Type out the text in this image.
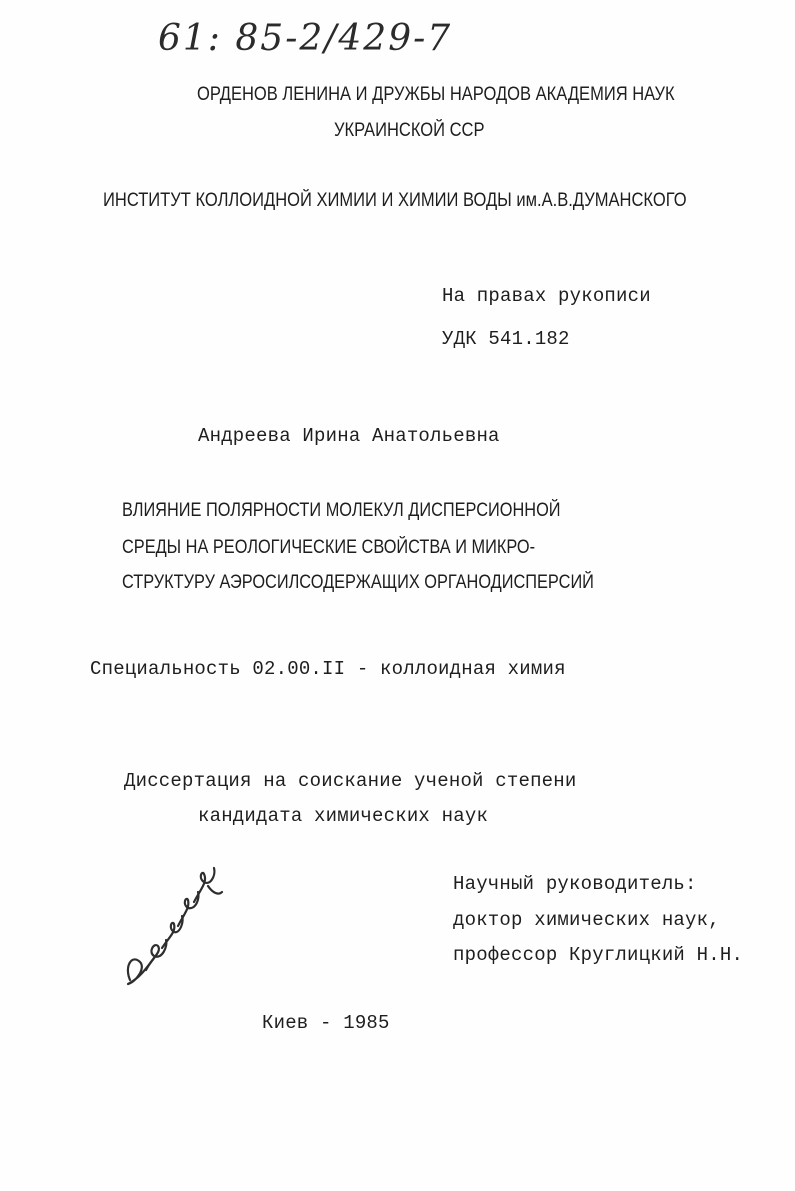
61: 85-2/429-7
ОРДЕНОВ ЛЕНИНА И ДРУЖБЫ НАРОДОВ АКАДЕМИЯ НАУК
УКРАИНСКОЙ ССР
ИНСТИТУТ КОЛЛОИДНОЙ ХИМИИ И ХИМИИ ВОДЫ им.А.В.ДУМАНСКОГО
На правах рукописи
УДК 541.182
Андреева Ирина Анатольевна
ВЛИЯНИЕ ПОЛЯРНОСТИ МОЛЕКУЛ ДИСПЕРСИОННОЙ
СРЕДЫ НА РЕОЛОГИЧЕСКИЕ СВОЙСТВА И МИКРО-
СТРУКТУРУ АЭРОСИЛСОДЕРЖАЩИХ ОРГАНОДИСПЕРСИЙ
Специальность 02.00.II - коллоидная химия
Диссертация на соискание ученой степени
кандидата химических наук
Научный руководитель:
доктор химических наук,
профессор Круглицкий Н.Н.
Киев - 1985
